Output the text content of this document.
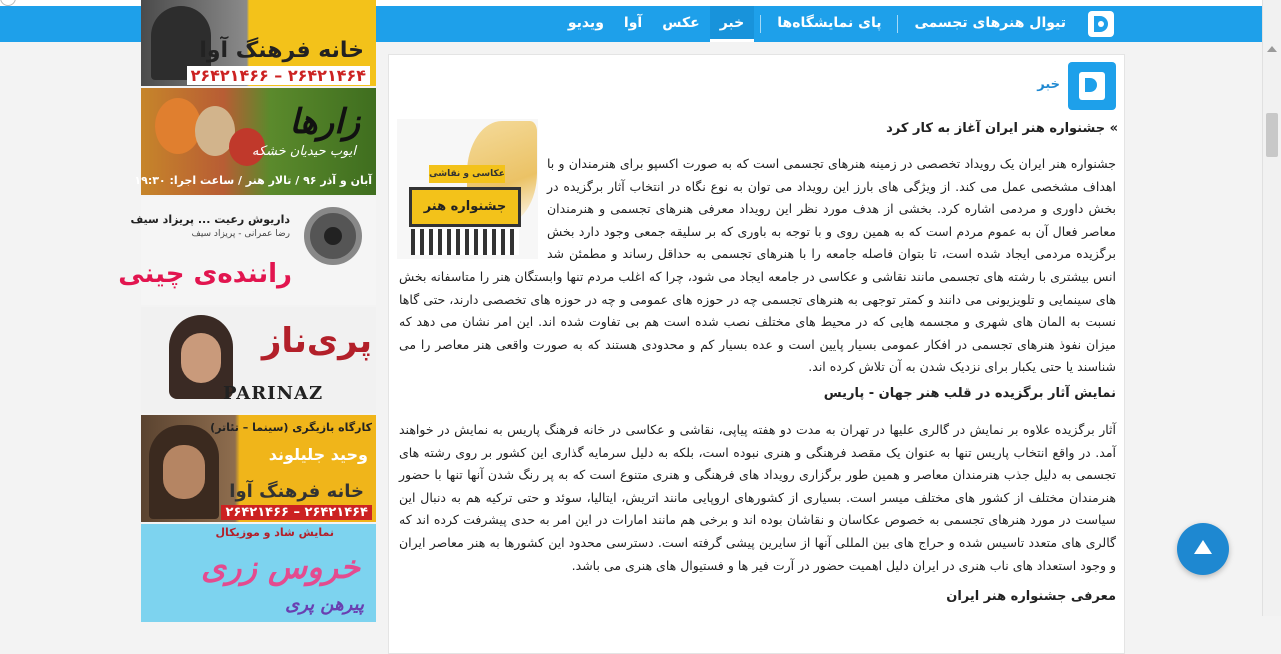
تیوال هنرهای تجسمی
پای نمایشگاه‌ها
خبر
عکس
آوا
ویدیو
خانه فرهنگ آوا
۲۶۴۲۱۴۶۴ – ۲۶۴۲۱۴۶۶
زارها
ایوب حیدیان خشکه
آبان و آذر ۹۶ / تالار هنر / ساعت اجرا: ۱۹:۳۰
داریوش رعیت ... پریزاد سیف
رضا عمرانی - پریزاد سیف
راننده‌ی چینی
پری‌ناز
PARINAZ
کارگاه بازیگری (سینما – تئاتر)
وحید جلیلوند
خانه فرهنگ آوا
۲۶۴۲۱۴۶۴ – ۲۶۴۲۱۴۶۶
نمایش شاد و موزیکال
خروس زری
پیرهن پری
خبر
» جشنواره هنر ایران آغاز به کار کرد
عکاسی و نقاشی
جشنواره هنر

جشنواره هنر ایران یک رویداد تخصصی در زمینه هنرهای تجسمی است که به صورت اکسپو برای هنرمندان و با اهداف مشخصی عمل می کند. از ویژگی های بارز این رویداد می توان به نوع نگاه در انتخاب آثار برگزیده در بخش داوری و مردمی اشاره کرد. بخشی از هدف مورد نظر این رویداد معرفی هنرهای تجسمی و هنرمندان معاصر فعال آن به عموم مردم است که به همین روی و با توجه به باوری که بر سلیقه جمعی وجود دارد بخش برگزیده مردمی ایجاد شده است، تا بتوان فاصله جامعه را با هنرهای تجسمی به حداقل رساند و مطمئن شد انس بیشتری با رشته های تجسمی مانند نقاشی و عکاسی در جامعه ایجاد می شود، چرا که اغلب مردم تنها وابستگان هنر را متاسفانه بخش های سینمایی و تلویزیونی می دانند و کمتر توجهی به هنرهای تجسمی چه در حوزه های عمومی و چه در حوزه های تخصصی دارند، حتی گاها نسبت به المان های شهری و مجسمه هایی که در محیط های مختلف نصب شده است هم بی تفاوت شده اند. این امر نشان می دهد که میزان نفوذ هنرهای تجسمی در افکار عمومی بسیار پایین است و عده بسیار کم و محدودی هستند که به صورت واقعی هنر معاصر را می شناسند یا حتی یکبار برای نزدیک شدن به آن تلاش کرده اند.

نمایش آثار برگزیده در قلب هنر جهان - پاریس

آثار برگزیده علاوه بر نمایش در گالری علیها در تهران به مدت دو هفته پیاپی، نقاشی و عکاسی در خانه فرهنگ پاریس به نمایش در خواهند آمد. در واقع انتخاب پاریس تنها به عنوان یک مقصد فرهنگی و هنری نبوده است، بلکه به دلیل سرمایه گذاری این کشور بر روی رشته های تجسمی به دلیل جذب هنرمندان معاصر و همین طور برگزاری رویداد های فرهنگی و هنری متنوع است که به پر رنگ شدن آنها تنها با حضور هنرمندان مختلف از کشور های مختلف میسر است. بسیاری از کشورهای اروپایی مانند اتریش، ایتالیا، سوئد و حتی ترکیه هم به دنبال این سیاست در مورد هنرهای تجسمی به خصوص عکاسان و نقاشان بوده اند و برخی هم مانند امارات در این امر به حدی پیشرفت کرده اند که گالری های متعدد تاسیس شده و حراج های بین المللی آنها از سایرین پیشی گرفته است. دسترسی محدود این کشورها به هنر معاصر ایران و وجود استعداد های ناب هنری در ایران دلیل اهمیت حضور در آرت فیر ها و فستیوال های هنری می باشد.

معرفی جشنواره هنر ایران
